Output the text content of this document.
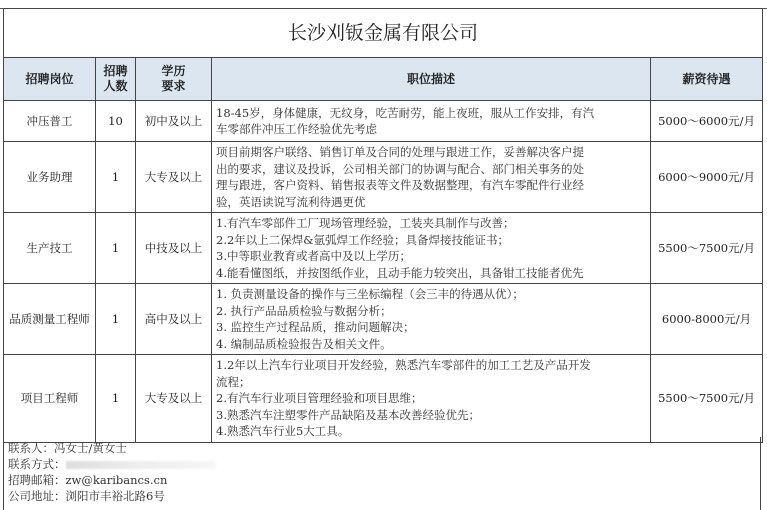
长沙刈钣金属有限公司				
招聘岗位	招聘人数	学历要求	职位描述	薪资待遇
冲压普工	10	初中及以上	18-45岁，身体健康，无纹身，吃苦耐劳，能上夜班，服从工作安排，有汽
车零部件冲压工作经验优先考虑	5000～6000元/月
业务助理	1	大专及以上	项目前期客户联络、销售订单及合同的处理与跟进工作，妥善解决客户提
出的要求，建议及投诉，公司相关部门的协调与配合、部门相关事务的处
理与跟进，客户资料、销售报表等文件及数据整理，有汽车零配件行业经
验，英语读说写流利待遇更优	6000～9000元/月
生产技工	1	中技及以上	1.有汽车零部件工厂现场管理经验，工装夹具制作与改善；
2.2年以上二保焊&氩弧焊工作经验；具备焊接技能证书；
3.中等职业教育或者高中及以上学历；
4.能看懂图纸，并按图纸作业，且动手能力较突出，具备钳工技能者优先	5500～7500元/月
品质测量工程师	1	高中及以上	1. 负责测量设备的操作与三坐标编程（会三丰的待遇从优）；
2. 执行产品品质检验与数据分析；
3. 监控生产过程品质，推动问题解决；
4. 编制品质检验报告及相关文件。	6000-8000元/月
项目工程师	1	大专及以上	1.2年以上汽车行业项目开发经验，熟悉汽车零部件的加工工艺及产品开发
流程；
2.有汽车行业项目管理经验和项目思维；
3.熟悉汽车注塑零件产品缺陷及基本改善经验优先；
4.熟悉汽车行业5大工具。	5500～7500元/月
联系人：冯女士/黄女士
联系方式：
招聘邮箱：zw@karibancs.cn
公司地址：浏阳市丰裕北路6号
